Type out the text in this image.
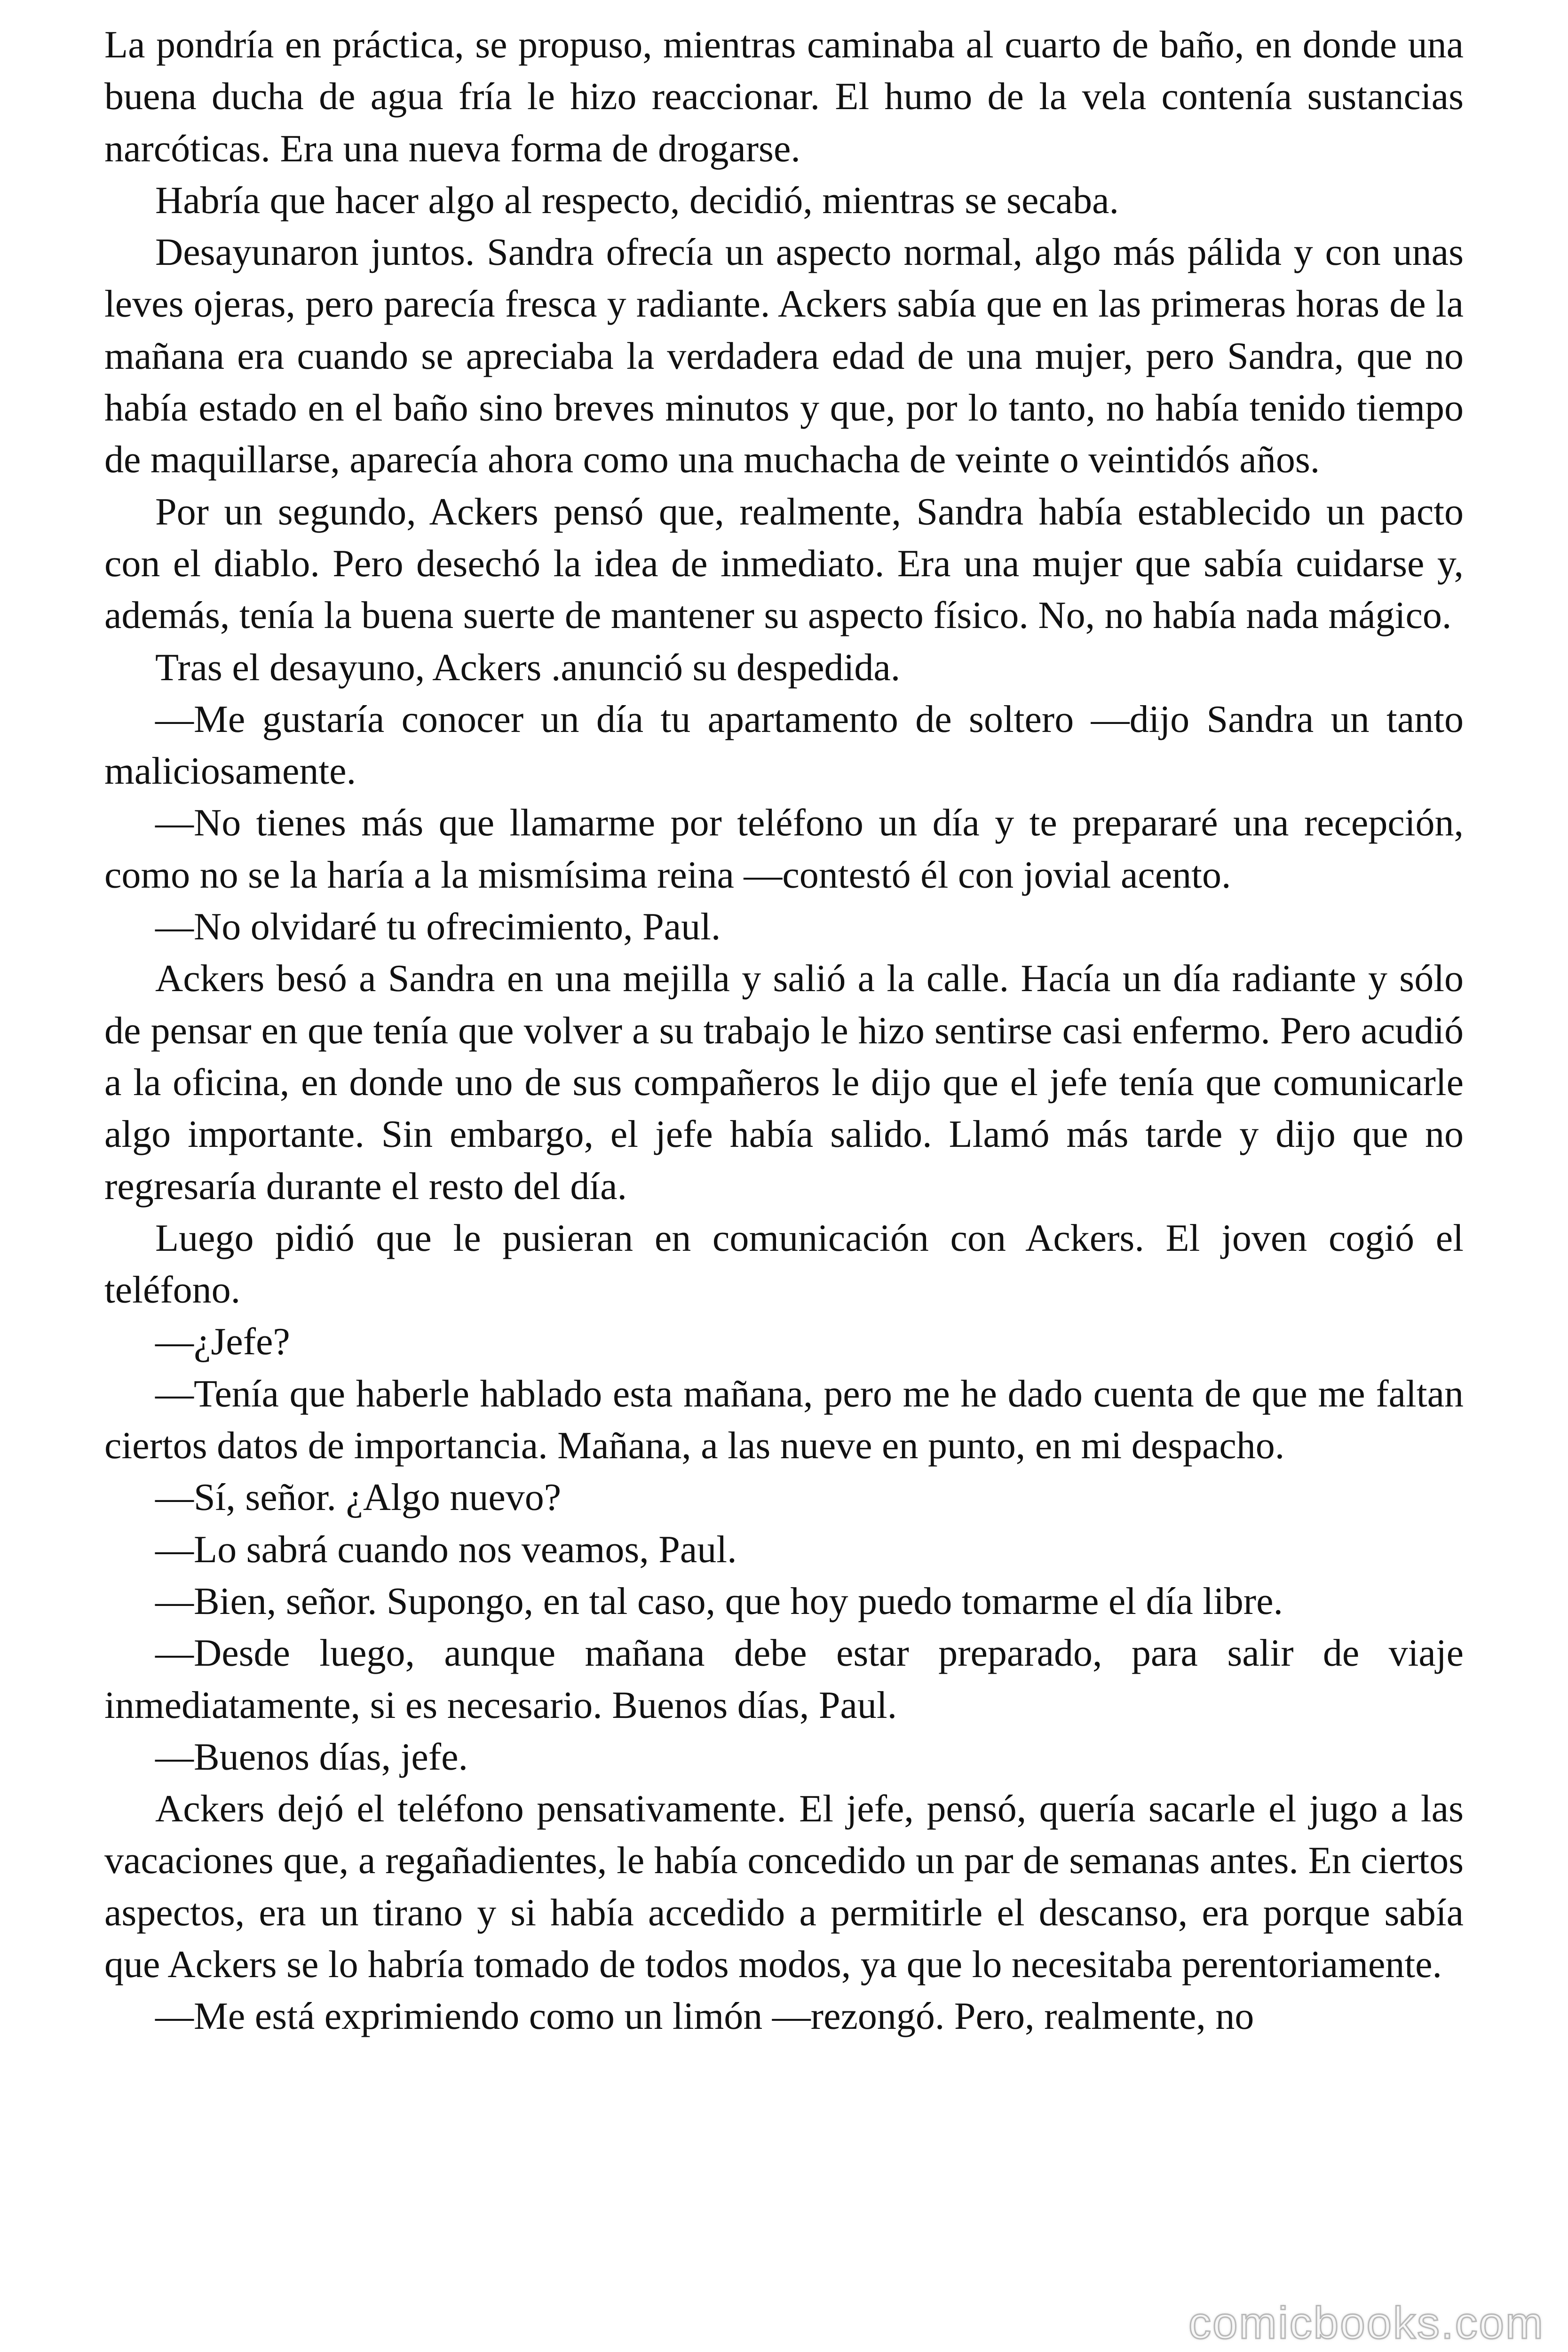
La pondría en práctica, se propuso, mientras caminaba al cuarto de baño, en donde una buena ducha de agua fría le hizo reaccionar. El humo de la vela contenía sustancias narcóticas. Era una nueva forma de drogarse.

Habría que hacer algo al respecto, decidió, mientras se secaba.

Desayunaron juntos. Sandra ofrecía un aspecto normal, algo más pálida y con unas leves ojeras, pero parecía fresca y radiante. Ackers sabía que en las primeras horas de la mañana era cuando se apreciaba la verdadera edad de una mujer, pero Sandra, que no había estado en el baño sino breves minutos y que, por lo tanto, no había tenido tiempo de maquillarse, aparecía ahora como una muchacha de veinte o veintidós años.

Por un segundo, Ackers pensó que, realmente, Sandra había establecido un pacto con el diablo. Pero desechó la idea de inmediato. Era una mujer que sabía cuidarse y, además, tenía la buena suerte de mantener su aspecto físico. No, no había nada mágico.

Tras el desayuno, Ackers .anunció su despedida.

—Me gustaría conocer un día tu apartamento de soltero —dijo Sandra un tanto maliciosamente.

—No tienes más que llamarme por teléfono un día y te prepararé una recepción, como no se la haría a la mismísima reina —contestó él con jovial acento.

—No olvidaré tu ofrecimiento, Paul.

Ackers besó a Sandra en una mejilla y salió a la calle. Hacía un día radiante y sólo de pensar en que tenía que volver a su trabajo le hizo sentirse casi enfermo. Pero acudió a la oficina, en donde uno de sus compañeros le dijo que el jefe tenía que comunicarle algo importante. Sin embargo, el jefe había salido. Llamó más tarde y dijo que no regresaría durante el resto del día.

Luego pidió que le pusieran en comunicación con Ackers. El joven cogió el teléfono.

—¿Jefe?

—Tenía que haberle hablado esta mañana, pero me he dado cuenta de que me faltan ciertos datos de importancia. Mañana, a las nueve en punto, en mi despacho.

—Sí, señor. ¿Algo nuevo?

—Lo sabrá cuando nos veamos, Paul.

—Bien, señor. Supongo, en tal caso, que hoy puedo tomarme el día libre.

—Desde luego, aunque mañana debe estar preparado, para salir de viaje inmediatamente, si es necesario. Buenos días, Paul.

—Buenos días, jefe.

Ackers dejó el teléfono pensativamente. El jefe, pensó, quería sacarle el jugo a las vacaciones que, a regañadientes, le había concedido un par de semanas antes. En ciertos aspectos, era un tirano y si había accedido a permitirle el descanso, era porque sabía que Ackers se lo habría tomado de todos modos, ya que lo necesitaba perentoriamente.

—Me está exprimiendo como un limón —rezongó. Pero, realmente, no

comicbooks.com
